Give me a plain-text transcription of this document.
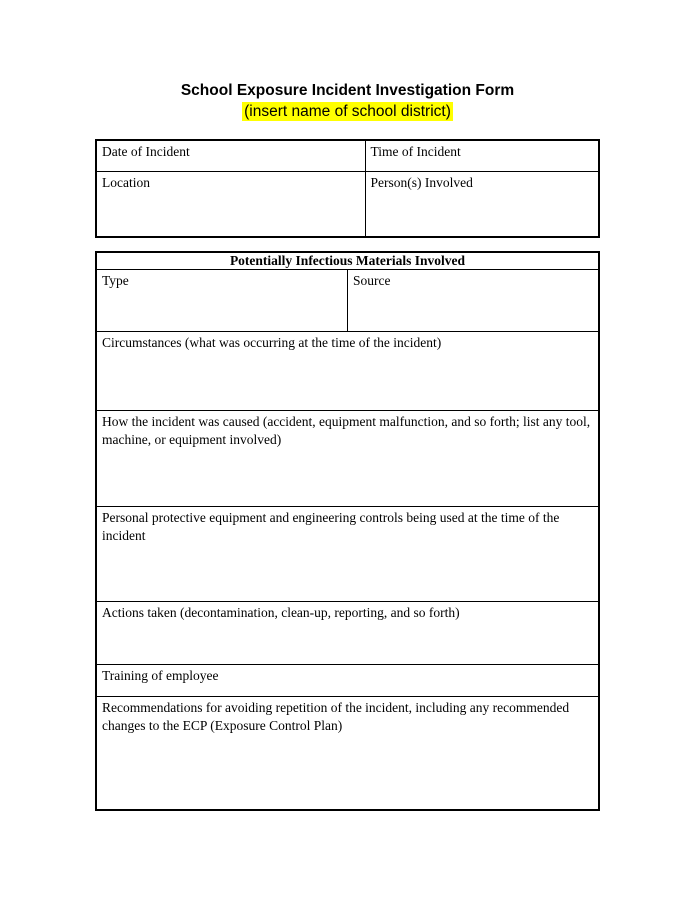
School Exposure Incident Investigation Form
(insert name of school district)
Date of Incident	Time of Incident
Location	Person(s) Involved
Potentially Infectious Materials Involved
Type	Source
Circumstances (what was occurring at the time of the incident)
How the incident was caused (accident, equipment malfunction, and so forth; list any tool, machine, or equipment involved)
Personal protective equipment and engineering controls being used at the time of the incident
Actions taken (decontamination, clean-up, reporting, and so forth)
Training of employee
Recommendations for avoiding repetition of the incident, including any recommended changes to the ECP (Exposure Control Plan)
